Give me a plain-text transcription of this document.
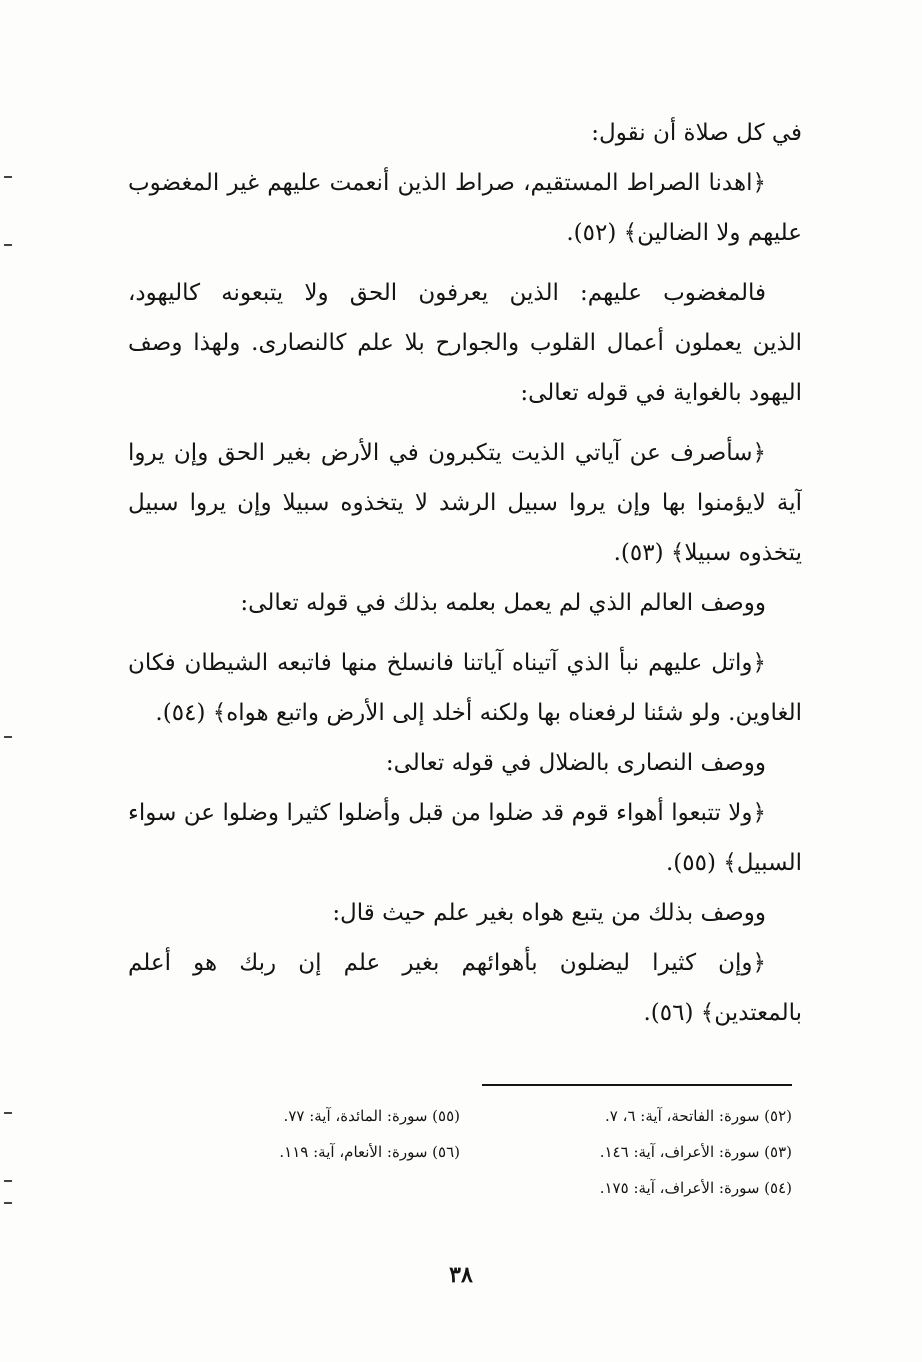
في كل صلاة أن نقول:
﴿اهدنا الصراط المستقيم، صراط الذين أنعمت عليهم غير المغضوب
عليهم ولا الضالين﴾ (٥٢).
فالمغضوب عليهم: الذين يعرفون الحق ولا يتبعونه كاليهود،
الذين يعملون أعمال القلوب والجوارح بلا علم كالنصارى. ولهذا وصف
اليهود بالغواية في قوله تعالى:
﴿سأصرف عن آياتي الذيت يتكبرون في الأرض بغير الحق وإن يروا
آية لايؤمنوا بها وإن يروا سبيل الرشد لا يتخذوه سبيلا وإن يروا سبيل
يتخذوه سبيلا﴾ (٥٣).
ووصف العالم الذي لم يعمل بعلمه بذلك في قوله تعالى:
﴿واتل عليهم نبأ الذي آتيناه آياتنا فانسلخ منها فاتبعه الشيطان فكان
الغاوين. ولو شئنا لرفعناه بها ولكنه أخلد إلى الأرض واتبع هواه﴾ (٥٤).
ووصف النصارى بالضلال في قوله تعالى:
﴿ولا تتبعوا أهواء قوم قد ضلوا من قبل وأضلوا كثيرا وضلوا عن سواء
السبيل﴾ (٥٥).
ووصف بذلك من يتبع هواه بغير علم حيث قال:
﴿وإن كثيرا ليضلون بأهوائهم بغير علم إن ربك هو أعلم
بالمعتدين﴾ (٥٦).
(٥٢) سورة: الفاتحة، آية: ٦، ٧.
(٥٣) سورة: الأعراف، آية: ١٤٦.
(٥٤) سورة: الأعراف، آية: ١٧٥.
(٥٥) سورة: المائدة، آية: ٧٧.
(٥٦) سورة: الأنعام، آية: ١١٩.
٣٨
